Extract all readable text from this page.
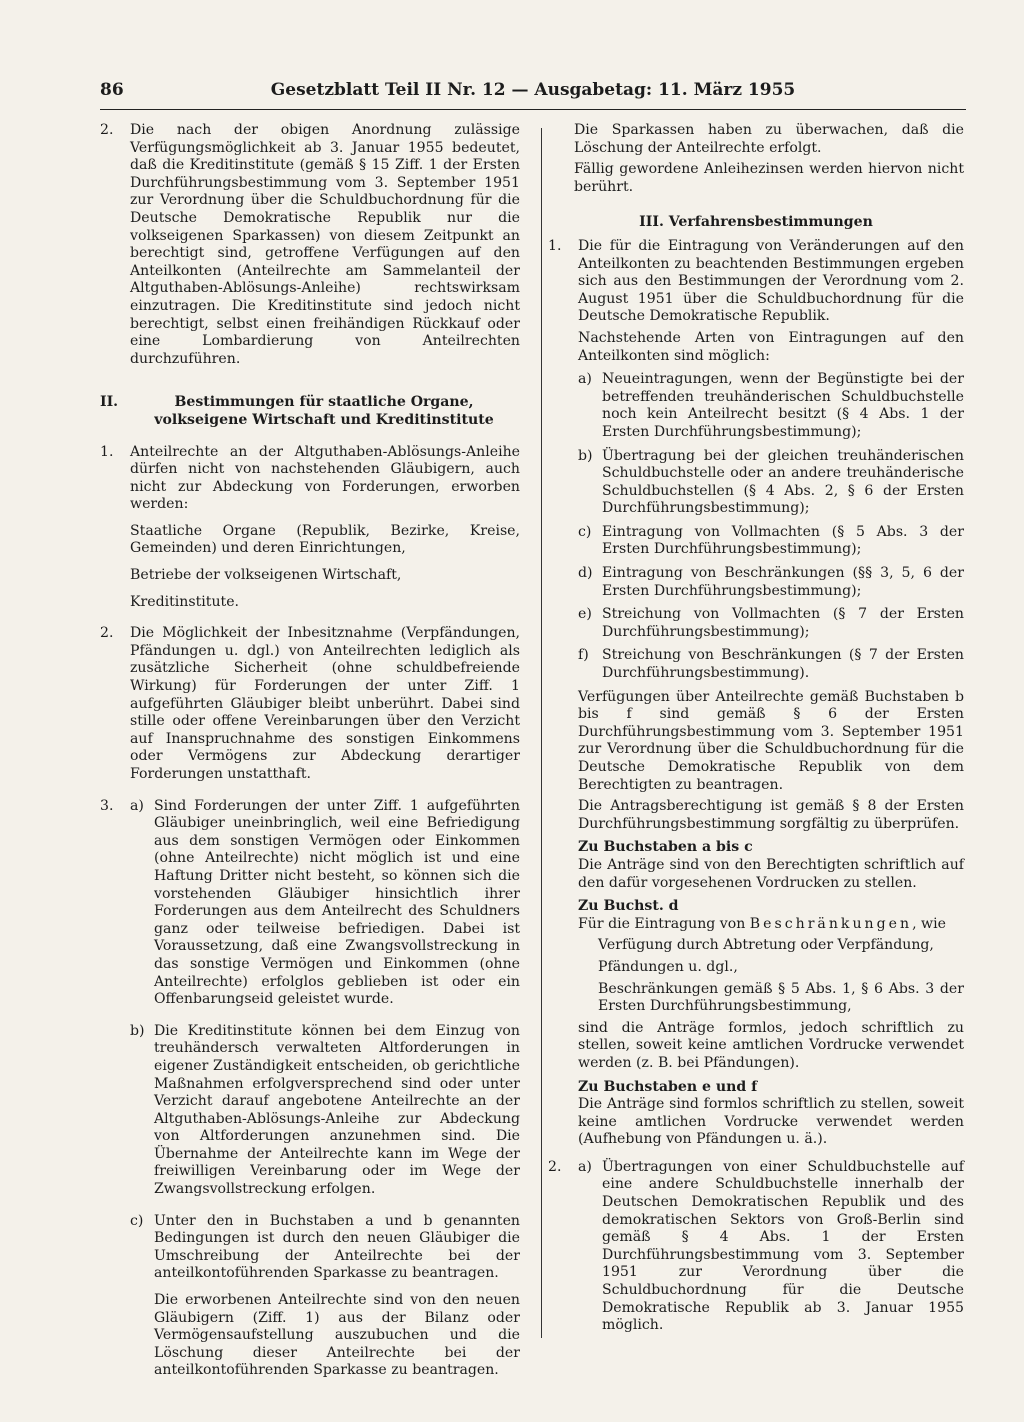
86	Gesetzblatt Teil II Nr. 12 — Ausgabetag: 11. März 1955
2. Die nach der obigen Anordnung zulässige Verfügungsmöglichkeit ab 3. Januar 1955 bedeutet, daß die Kreditinstitute (gemäß § 15 Ziff. 1 der Ersten Durchführungsbestimmung vom 3. September 1951 zur Verordnung über die Schuldbuchordnung für die Deutsche Demokratische Republik nur die volkseigenen Sparkassen) von diesem Zeitpunkt an berechtigt sind, getroffene Verfügungen auf den Anteilkonten (Anteilrechte am Sammelanteil der Altguthaben-Ablösungs-Anleihe) rechtswirksam einzutragen. Die Kreditinstitute sind jedoch nicht berechtigt, selbst einen freihändigen Rückkauf oder eine Lombardierung von Anteilrechten durchzuführen.

II.	Bestimmungen für staatliche Organe, volkseigene Wirtschaft und Kreditinstitute
1. Anteilrechte an der Altguthaben-Ablösungs-Anleihe dürfen nicht von nachstehenden Gläubigern, auch nicht zur Abdeckung von Forderungen, erworben werden:

Staatliche Organe (Republik, Bezirke, Kreise, Gemeinden) und deren Einrichtungen,

Betriebe der volkseigenen Wirtschaft,

Kreditinstitute.

2. Die Möglichkeit der Inbesitznahme (Verpfändungen, Pfändungen u. dgl.) von Anteilrechten lediglich als zusätzliche Sicherheit (ohne schuldbefreiende Wirkung) für Forderungen der unter Ziff. 1 aufgeführten Gläubiger bleibt unberührt. Dabei sind stille oder offene Vereinbarungen über den Verzicht auf Inanspruchnahme des sonstigen Einkommens oder Vermögens zur Abdeckung derartiger Forderungen unstatthaft.

3. a) Sind Forderungen der unter Ziff. 1 aufgeführten Gläubiger uneinbringlich, weil eine Befriedigung aus dem sonstigen Vermögen oder Einkommen (ohne Anteilrechte) nicht möglich ist und eine Haftung Dritter nicht besteht, so können sich die vorstehenden Gläubiger hinsichtlich ihrer Forderungen aus dem Anteilrecht des Schuldners ganz oder teilweise befriedigen. Dabei ist Voraussetzung, daß eine Zwangsvollstreckung in das sonstige Vermögen und Einkommen (ohne Anteilrechte) erfolglos geblieben ist oder ein Offenbarungseid geleistet wurde.

b) Die Kreditinstitute können bei dem Einzug von treuhändersch verwalteten Altforderungen in eigener Zuständigkeit entscheiden, ob gerichtliche Maßnahmen erfolgversprechend sind oder unter Verzicht darauf angebotene Anteilrechte an der Altguthaben-Ablösungs-Anleihe zur Abdeckung von Altforderungen anzunehmen sind. Die Übernahme der Anteilrechte kann im Wege der freiwilligen Vereinbarung oder im Wege der Zwangsvollstreckung erfolgen.

c) Unter den in Buchstaben a und b genannten Bedingungen ist durch den neuen Gläubiger die Umschreibung der Anteilrechte bei der anteilkontoführenden Sparkasse zu beantragen.

Die erworbenen Anteilrechte sind von den neuen Gläubigern (Ziff. 1) aus der Bilanz oder Vermögensaufstellung auszubuchen und die Löschung dieser Anteilrechte bei der anteilkontoführenden Sparkasse zu beantragen.

Die Sparkassen haben zu überwachen, daß die Löschung der Anteilrechte erfolgt.

Fällig gewordene Anleihezinsen werden hiervon nicht berührt.

III. Verfahrensbestimmungen
1. Die für die Eintragung von Veränderungen auf den Anteilkonten zu beachtenden Bestimmungen ergeben sich aus den Bestimmungen der Verordnung vom 2. August 1951 über die Schuldbuchordnung für die Deutsche Demokratische Republik.

Nachstehende Arten von Eintragungen auf den Anteilkonten sind möglich:

a) Neueintragungen, wenn der Begünstigte bei der betreffenden treuhänderischen Schuldbuchstelle noch kein Anteilrecht besitzt (§ 4 Abs. 1 der Ersten Durchführungsbestimmung);

b) Übertragung bei der gleichen treuhänderischen Schuldbuchstelle oder an andere treuhänderische Schuldbuchstellen (§ 4 Abs. 2, § 6 der Ersten Durchführungsbestimmung);

c) Eintragung von Vollmachten (§ 5 Abs. 3 der Ersten Durchführungsbestimmung);

d) Eintragung von Beschränkungen (§§ 3, 5, 6 der Ersten Durchführungsbestimmung);

e) Streichung von Vollmachten (§ 7 der Ersten Durchführungsbestimmung);

f) Streichung von Beschränkungen (§ 7 der Ersten Durchführungsbestimmung).

Verfügungen über Anteilrechte gemäß Buchstaben b bis f sind gemäß § 6 der Ersten Durchführungsbestimmung vom 3. September 1951 zur Verordnung über die Schuldbuchordnung für die Deutsche Demokratische Republik von dem Berechtigten zu beantragen.

Die Antragsberechtigung ist gemäß § 8 der Ersten Durchführungsbestimmung sorgfältig zu überprüfen.

Zu Buchstaben a bis c

Die Anträge sind von den Berechtigten schriftlich auf den dafür vorgesehenen Vordrucken zu stellen.

Zu Buchst. d

Für die Eintragung von Beschränkungen, wie

Verfügung durch Abtretung oder Verpfändung,

Pfändungen u. dgl.,

Beschränkungen gemäß § 5 Abs. 1, § 6 Abs. 3 der Ersten Durchführungsbestimmung,

sind die Anträge formlos, jedoch schriftlich zu stellen, soweit keine amtlichen Vordrucke verwendet werden (z. B. bei Pfändungen).

Zu Buchstaben e und f

Die Anträge sind formlos schriftlich zu stellen, soweit keine amtlichen Vordrucke verwendet werden (Aufhebung von Pfändungen u. ä.).

2. a) Übertragungen von einer Schuldbuchstelle auf eine andere Schuldbuchstelle innerhalb der Deutschen Demokratischen Republik und des demokratischen Sektors von Groß-Berlin sind gemäß § 4 Abs. 1 der Ersten Durchführungsbestimmung vom 3. September 1951 zur Verordnung über die Schuldbuchordnung für die Deutsche Demokratische Republik ab 3. Januar 1955 möglich.
